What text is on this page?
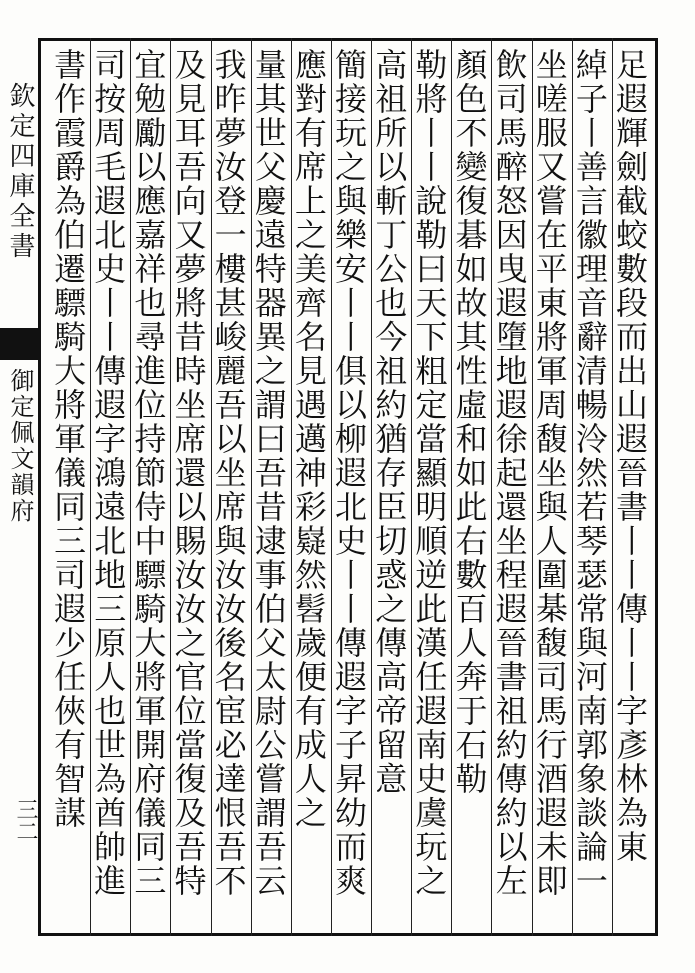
欽定四庫全書
御定佩文韻府
三二	足遐輝劍截蛟數段而出山遐晉書丨丨傳丨丨字彥林為東
綽子丨善言徽理音辭清暢泠然若琴瑟常與河南郭象談論一
坐嗟服又嘗在平東將軍周馥坐與人圍棊馥司馬行酒遐未即
飲司馬醉怒因曳遐墮地遐徐起還坐程遐晉書祖約傳約以左
顏色不變復碁如故其性虛和如此右數百人奔于石勒
勒將丨丨說勒曰天下粗定當顯明順逆此漢任遐南史虞玩之
高祖所以斬丁公也今祖約猶存臣切惑之傳高帝留意
簡接玩之與樂安丨丨俱以柳遐北史丨丨傳遐字子昇幼而爽
應對有席上之美齊名見遇邁神彩嶷然髫歲便有成人之
量其世父慶遠特器異之謂曰吾昔逮事伯父太尉公嘗謂吾云
我昨夢汝登一樓甚峻麗吾以坐席與汝汝後名宦必達恨吾不
及見耳吾向又夢將昔時坐席還以賜汝汝之官位當復及吾特
宜勉勵以應嘉祥也尋進位持節侍中驃騎大將軍開府儀同三
司按周毛遐北史丨丨傳遐字鴻遠北地三原人也世為酋帥進
書作霞爵為伯遷驃騎大將軍儀同三司遐少任俠有智謀
